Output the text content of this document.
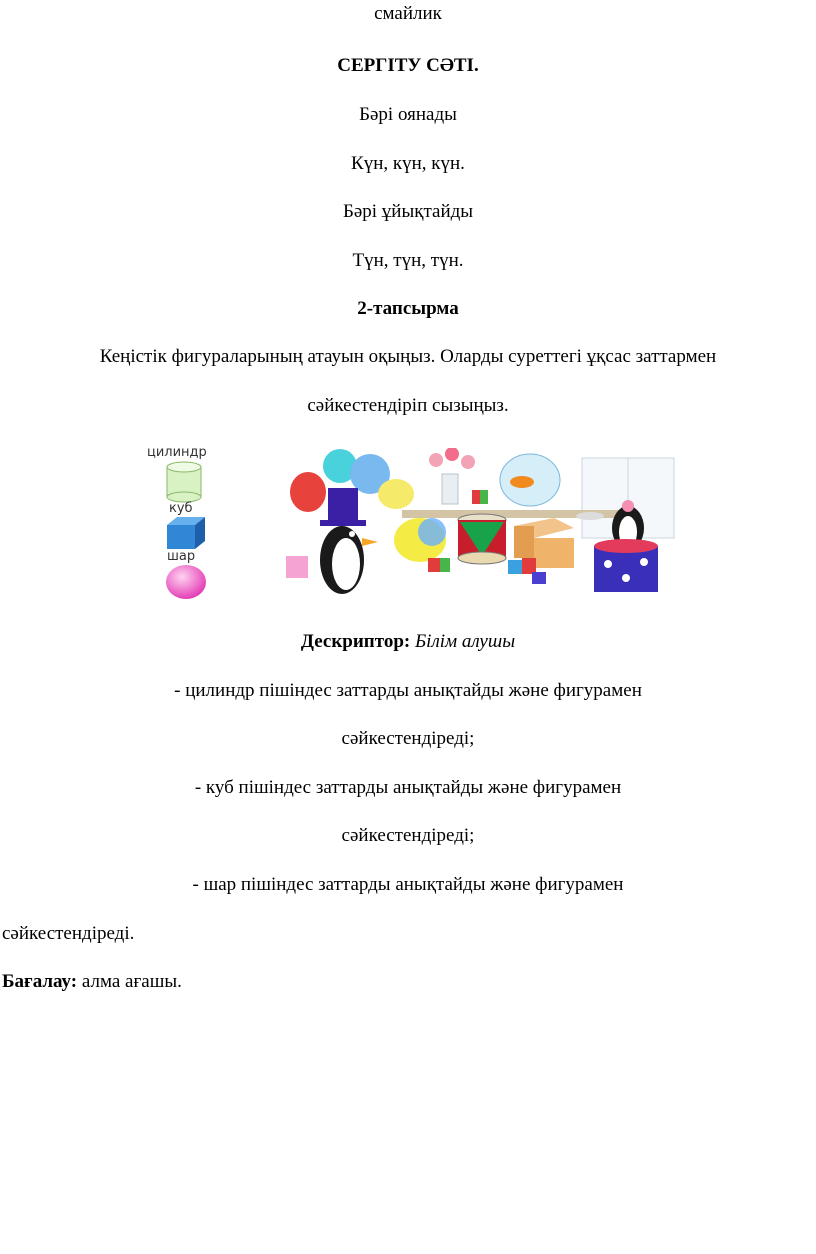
смайлик
СЕРГІТУ СӘТІ.
Бәрі оянады
Күн, күн, күн.
Бәрі ұйықтайды
Түн, түн, түн.
2-тапсырма
Кеңістік фигураларының атауын оқыңыз. Оларды суреттегі ұқсас заттармен
сәйкестендіріп сызыңыз.
цилиндр
куб
шар
Дескриптор: Білім алушы
- цилиндр пішіндес заттарды анықтайды және фигурамен
сәйкестендіреді;
- куб пішіндес заттарды анықтайды және фигурамен
сәйкестендіреді;
- шар пішіндес заттарды анықтайды және фигурамен
сәйкестендіреді.
Бағалау: алма ағашы.
